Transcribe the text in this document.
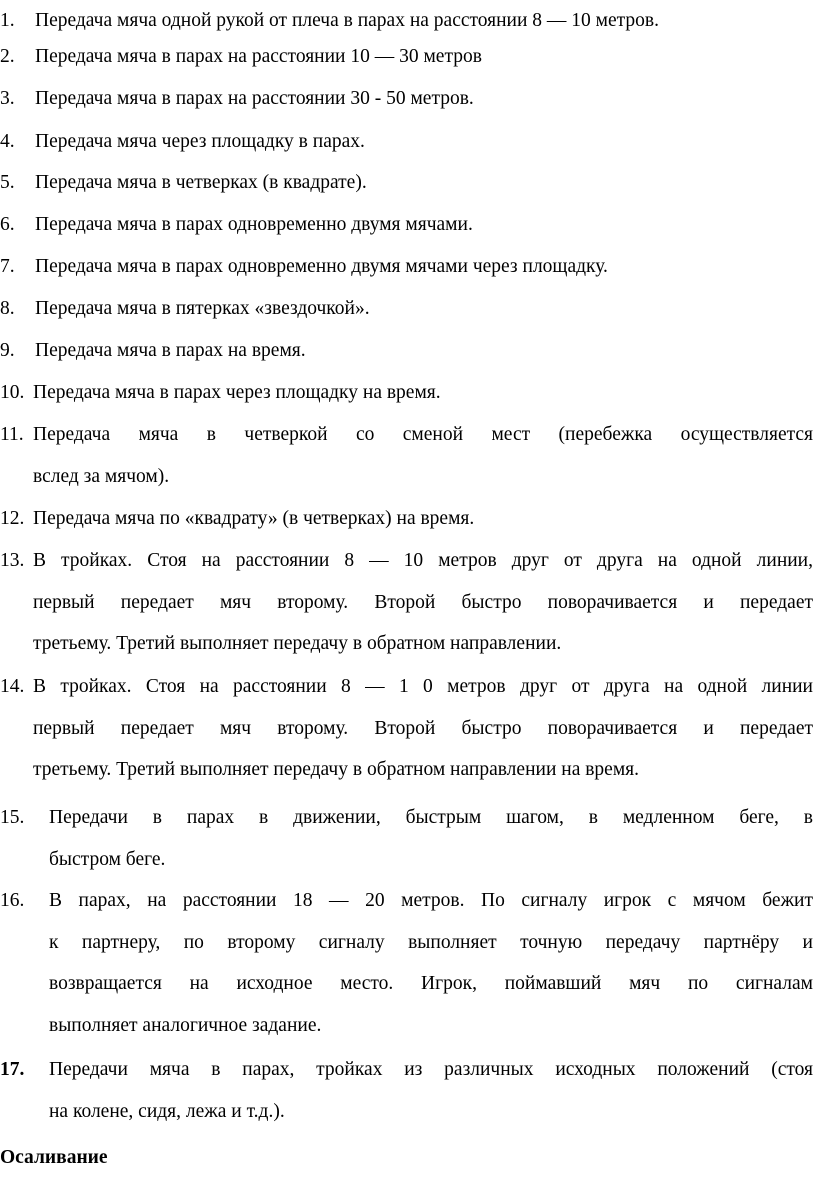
1. Передача мяча одной рукой от плеча в парах на расстоянии 8 — 10 метров.
2. Передача мяча в парах на расстоянии 10 — 30 метров
3. Передача мяча в парах на расстоянии 30 - 50 метров.
4. Передача мяча через площадку в парах.
5. Передача мяча в четверках (в квадрате).
6. Передача мяча в парах одновременно двумя мячами.
7. Передача мяча в парах одновременно двумя мячами через площадку.
8. Передача мяча в пятерках «звездочкой».
9. Передача мяча в парах на время.
10. Передача мяча в парах через площадку на время.
11. Передача мяча в четверкой со сменой мест (перебежка осуществляется
вслед за мячом).
12. Передача мяча по «квадрату» (в четверках) на время.
13. В тройках. Стоя на расстоянии 8 — 10 метров друг от друга на одной линии,
первый передает мяч второму. Второй быстро поворачивается и передает
третьему. Третий выполняет передачу в обратном направлении.
14. В тройках. Стоя на расстоянии 8 — 1 0 метров друг от друга на одной линии
первый передает мяч второму. Второй быстро поворачивается и передает
третьему. Третий выполняет передачу в обратном направлении на время.
15. Передачи в парах в движении, быстрым шагом, в медленном беге, в
быстром беге.
16. В парах, на расстоянии 18 — 20 метров. По сигналу игрок с мячом бежит
к партнеру, по второму сигналу выполняет точную передачу партнёру и
возвращается на исходное место. Игрок, поймавший мяч по сигналам
выполняет аналогичное задание.
17. Передачи мяча в парах, тройках из различных исходных положений (стоя
на колене, сидя, лежа и т.д.).
Осаливание
